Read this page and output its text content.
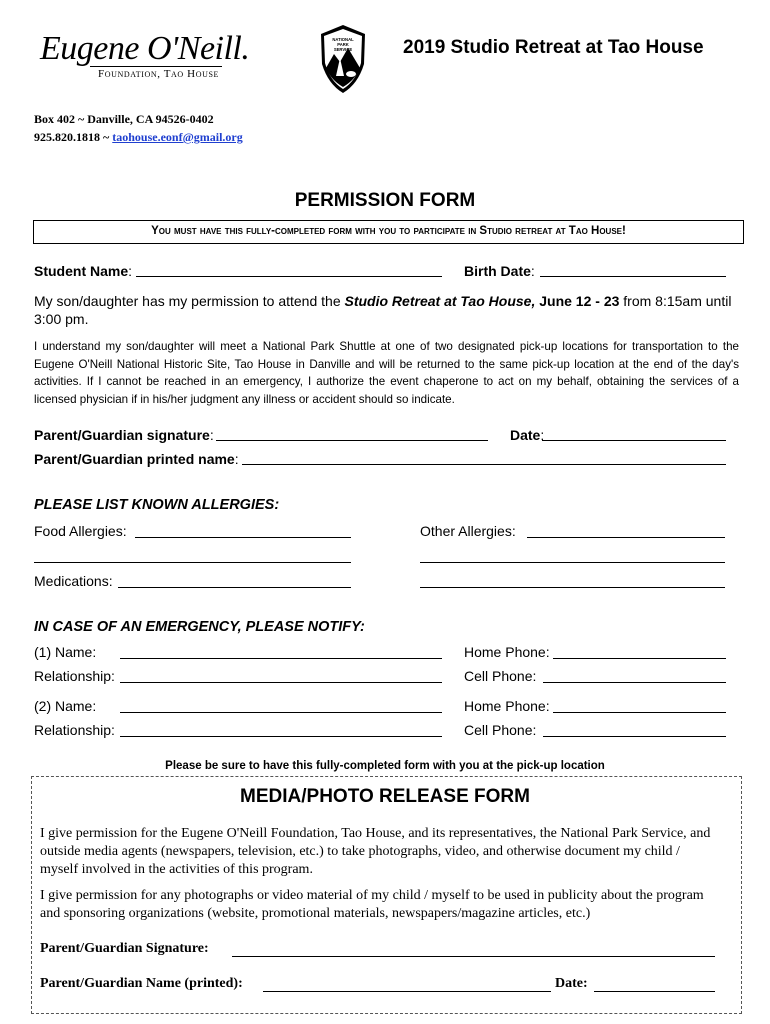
Eugene O'Neill.
Foundation, Tao House
NATIONAL
PARK
SERVICE	2019 Studio Retreat at Tao House
Box 402 ~ Danville, CA 94526-0402
925.820.1818 ~ taohouse.eonf@gmail.org
PERMISSION FORM
You must have this fully-completed form with you to participate in Studio retreat at Tao House!
Student Name:	Birth Date:
My son/daughter has my permission to attend the Studio Retreat at Tao House, June 12 - 23 from 8:15am until 3:00 pm.
I understand my son/daughter will meet a National Park Shuttle at one of two designated pick-up locations for transportation to the Eugene O'Neill National Historic Site, Tao House in Danville and will be returned to the same pick-up location at the end of the day's activities. If I cannot be reached in an emergency, I authorize the event chaperone to act on my behalf, obtaining the services of a licensed physician if in his/her judgment any illness or accident should so indicate.
Parent/Guardian signature:	Date:
Parent/Guardian printed name:
PLEASE LIST KNOWN ALLERGIES:
Food Allergies:	Other Allergies:
Medications:
IN CASE OF AN EMERGENCY, PLEASE NOTIFY:
(1) Name:	Home Phone:
Relationship:	Cell Phone:
(2) Name:	Home Phone:
Relationship:	Cell Phone:
Please be sure to have this fully-completed form with you at the pick-up location
MEDIA/PHOTO RELEASE FORM
I give permission for the Eugene O'Neill Foundation, Tao House, and its representatives, the National Park Service, and outside media agents (newspapers, television, etc.) to take photographs, video, and otherwise document my child / myself involved in the activities of this program.
I give permission for any photographs or video material of my child / myself to be used in publicity about the program and sponsoring organizations (website, promotional materials, newspapers/magazine articles, etc.)
Parent/Guardian Signature:
Parent/Guardian Name (printed):	Date:
